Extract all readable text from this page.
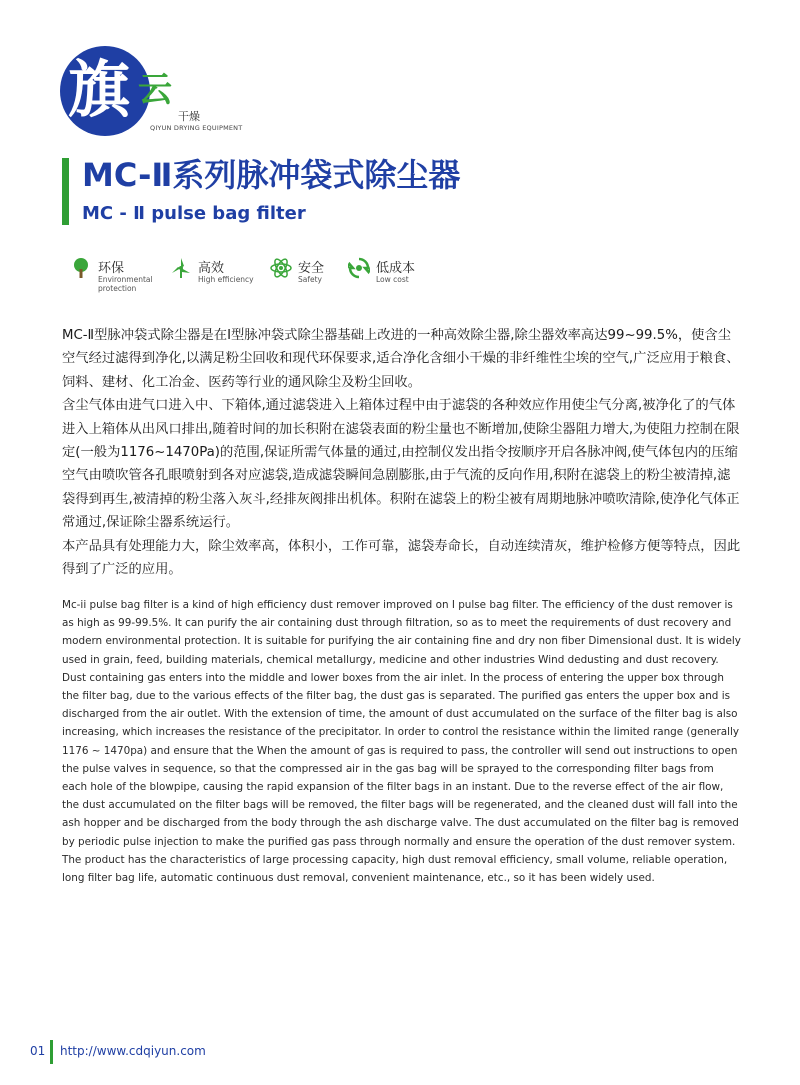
旗 云
干燥
QIYUN DRYING EQUIPMENT
MC-Ⅱ系列脉冲袋式除尘器
MC - Ⅱ pulse bag filter
环保
Environmental protection
高效
High efficiency
安全
Safety
低成本
Low cost

MC-Ⅱ型脉冲袋式除尘器是在Ⅰ型脉冲袋式除尘器基础上改进的一种高效除尘器,除尘器效率高达99~99.5%，使含尘空气经过滤得到净化,以满足粉尘回收和现代环保要求,适合净化含细小干燥的非纤维性尘埃的空气,广泛应用于粮食、饲料、建材、化工冶金、医药等行业的通风除尘及粉尘回收。

含尘气体由进气口进入中、下箱体,通过滤袋进入上箱体过程中由于滤袋的各种效应作用使尘气分离,被净化了的气体进入上箱体从出风口排出,随着时间的加长积附在滤袋表面的粉尘量也不断增加,使除尘器阻力增大,为使阻力控制在限定(一般为1176~1470Pa)的范围,保证所需气体量的通过,由控制仪发出指令按顺序开启各脉冲阀,使气体包内的压缩空气由喷吹管各孔眼喷射到各对应滤袋,造成滤袋瞬间急剧膨胀,由于气流的反向作用,积附在滤袋上的粉尘被清掉,滤袋得到再生,被清掉的粉尘落入灰斗,经排灰阀排出机体。积附在滤袋上的粉尘被有周期地脉冲喷吹清除,使净化气体正常通过,保证除尘器系统运行。

本产品具有处理能力大，除尘效率高，体积小，工作可靠，滤袋寿命长，自动连续清灰，维护检修方便等特点，因此得到了广泛的应用。

Mc-ii pulse bag filter is a kind of high efficiency dust remover improved on I pulse bag filter. The efficiency of the dust remover is as high as 99-99.5%. It can purify the air containing dust through filtration, so as to meet the requirements of dust recovery and modern environmental protection. It is suitable for purifying the air containing fine and dry non fiber Dimensional dust. It is widely used in grain, feed, building materials, chemical metallurgy, medicine and other industries Wind dedusting and dust recovery.

Dust containing gas enters into the middle and lower boxes from the air inlet. In the process of entering the upper box through the filter bag, due to the various effects of the filter bag, the dust gas is separated. The purified gas enters the upper box and is discharged from the air outlet. With the extension of time, the amount of dust accumulated on the surface of the filter bag is also increasing, which increases the resistance of the precipitator. In order to control the resistance within the limited range (generally 1176 ~ 1470pa) and ensure that the When the amount of gas is required to pass, the controller will send out instructions to open the pulse valves in sequence, so that the compressed air in the gas bag will be sprayed to the corresponding filter bags from each hole of the blowpipe, causing the rapid expansion of the filter bags in an instant. Due to the reverse effect of the air flow, the dust accumulated on the filter bags will be removed, the filter bags will be regenerated, and the cleaned dust will fall into the ash hopper and be discharged from the body through the ash discharge valve. The dust accumulated on the filter bag is removed by periodic pulse injection to make the purified gas pass through normally and ensure the operation of the dust remover system.

The product has the characteristics of large processing capacity, high dust removal efficiency, small volume, reliable operation, long filter bag life, automatic continuous dust removal, convenient maintenance, etc., so it has been widely used.

01 http://www.cdqiyun.com
